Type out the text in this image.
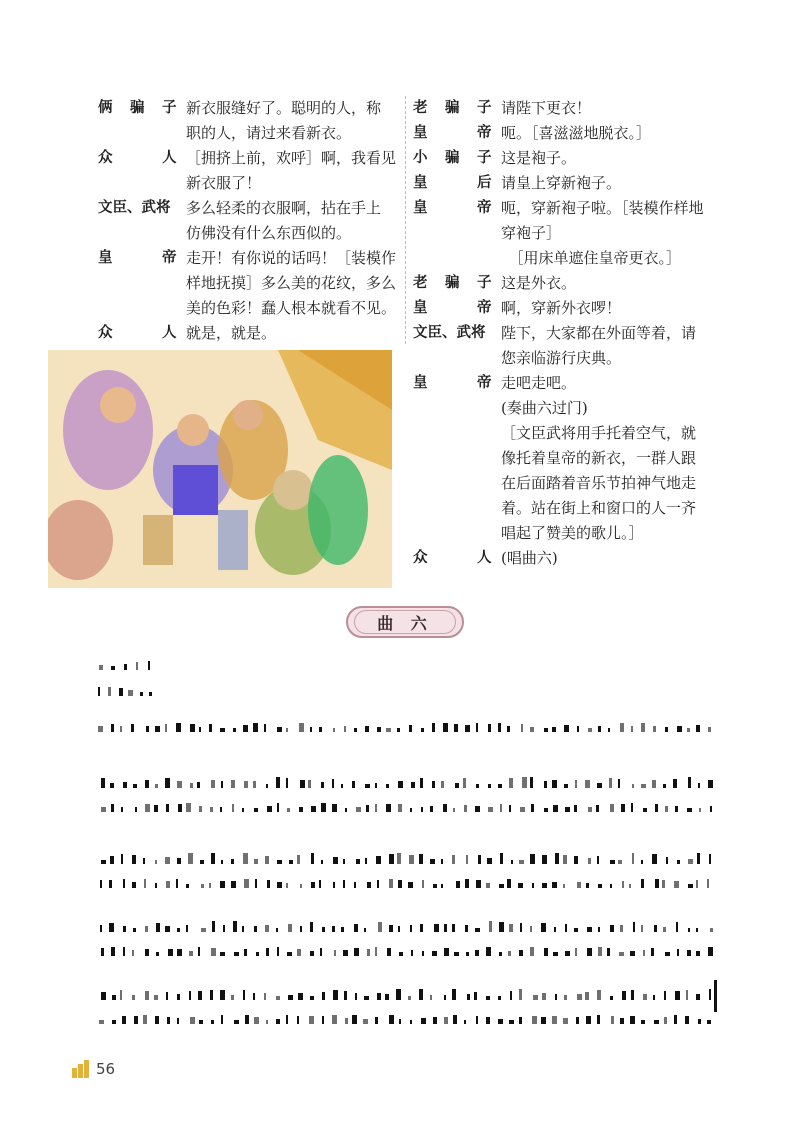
俩 骗 子 新衣服缝好了。聪明的人，称
职的人，请过来看新衣。
众	人 ［拥挤上前，欢呼］啊，我看见
新衣服了！
文臣、武将 多么轻柔的衣服啊，拈在手上
仿佛没有什么东西似的。
皇	帝 走开！有你说的话吗！［装模作
样地抚摸］多么美的花纹，多么
美的色彩！蠢人根本就看不见。
众	人 就是，就是。
老 骗 子 请陛下更衣！
皇	帝 呃。［喜滋滋地脱衣。］
小 骗 子 这是袍子。
皇	后 请皇上穿新袍子。
皇	帝 呃，穿新袍子啦。［装模作样地
穿袍子］
　［用床单遮住皇帝更衣。］
老 骗 子 这是外衣。
皇	帝 啊，穿新外衣啰！
文臣、武将 陛下，大家都在外面等着，请
您亲临游行庆典。
皇	帝 走吧走吧。
(奏曲六过门)
［文臣武将用手托着空气，就
像托着皇帝的新衣，一群人跟
在后面踏着音乐节拍神气地走
着。站在街上和窗口的人一齐
唱起了赞美的歌儿。］
众	人 (唱曲六)
曲 六
56
